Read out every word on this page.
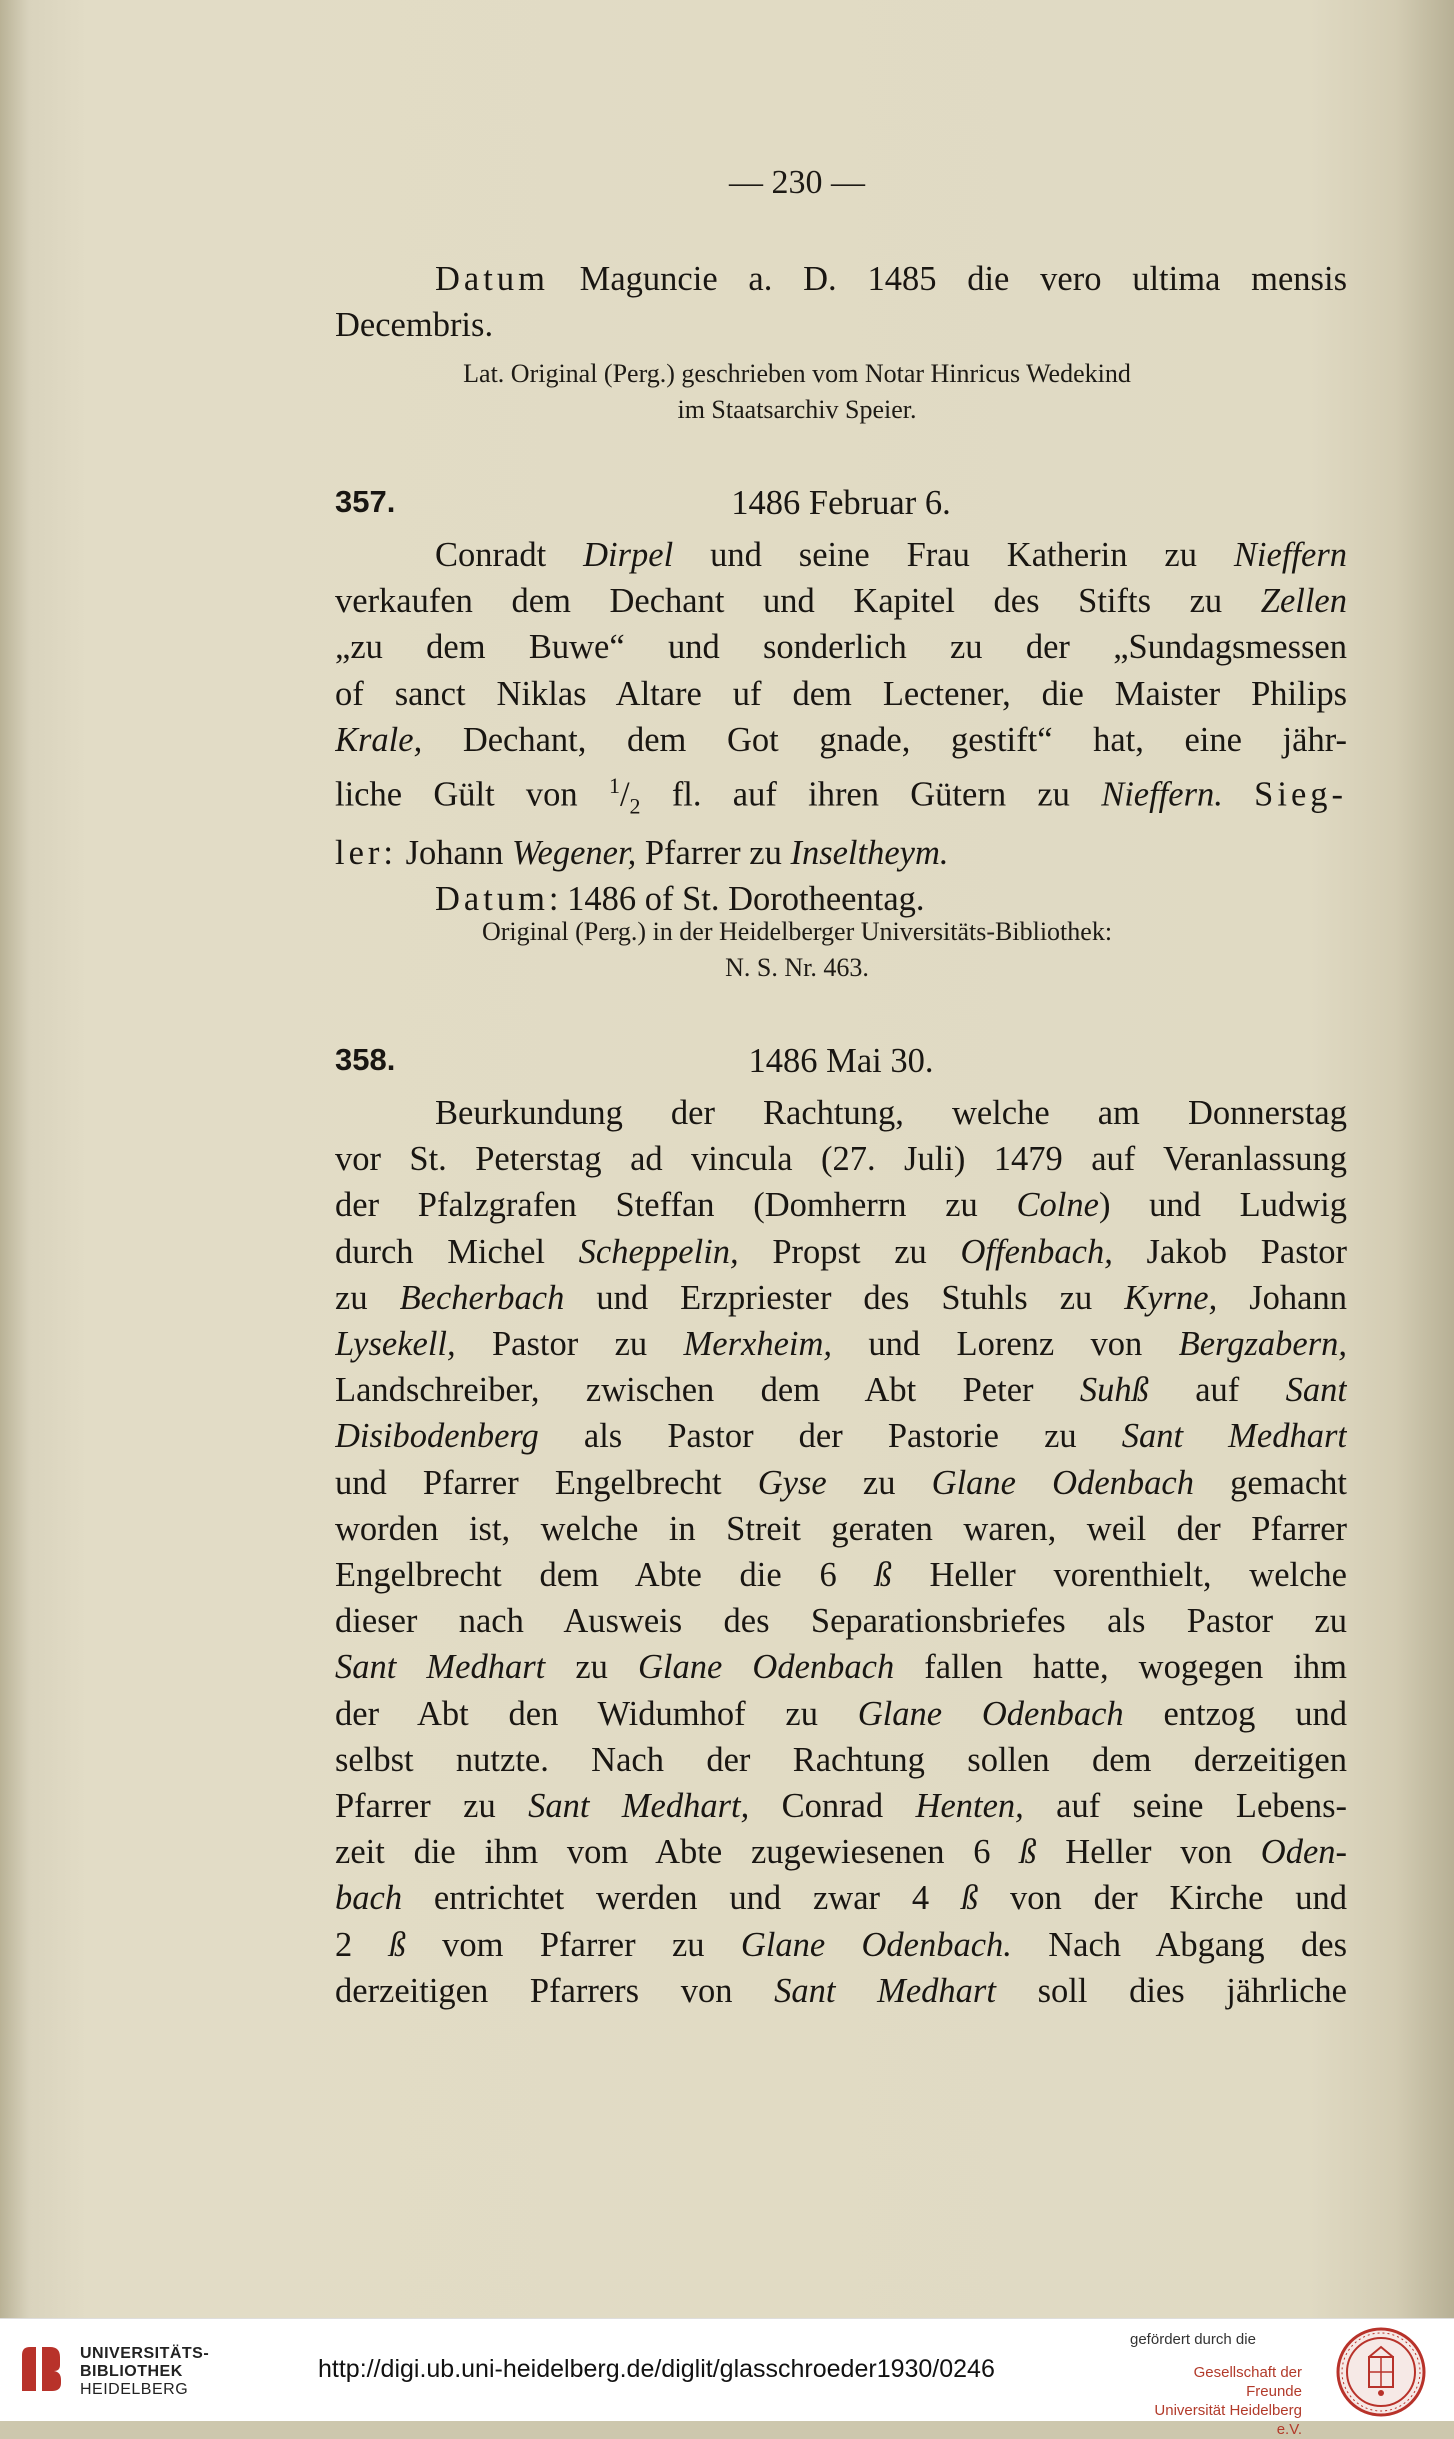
— 230 —
Datum Maguncie a. D. 1485 die vero ultima mensis
Decembris.
Lat. Original (Perg.) geschrieben vom Notar Hinricus Wedekind
im Staatsarchiv Speier.
357.	1486 Februar 6.
Conradt Dirpel und seine Frau Katherin zu Nieffern
verkaufen dem Dechant und Kapitel des Stifts zu Zellen
„zu dem Buwe“ und sonderlich zu der „Sundagsmessen
of sanct Niklas Altare uf dem Lectener, die Maister Philips
Krale, Dechant, dem Got gnade, gestift“ hat, eine jähr-
liche Gült von $^1/_2$ fl. auf ihren Gütern zu Nieffern. Sieg-
ler: Johann Wegener, Pfarrer zu Inseltheym.
Datum: 1486 of St. Dorotheentag.
Original (Perg.) in der Heidelberger Universitäts-Bibliothek:
N. S. Nr. 463.
358.	1486 Mai 30.
Beurkundung der Rachtung, welche am Donnerstag
vor St. Peterstag ad vincula (27. Juli) 1479 auf Veranlassung
der Pfalzgrafen Steffan (Domherrn zu Colne) und Ludwig
durch Michel Scheppelin, Propst zu Offenbach, Jakob Pastor
zu Becherbach und Erzpriester des Stuhls zu Kyrne, Johann
Lysekell, Pastor zu Merxheim, und Lorenz von Bergzabern,
Landschreiber, zwischen dem Abt Peter Suhß auf Sant
Disibodenberg als Pastor der Pastorie zu Sant Medhart
und Pfarrer Engelbrecht Gyse zu Glane Odenbach gemacht
worden ist, welche in Streit geraten waren, weil der Pfarrer
Engelbrecht dem Abte die 6 ß Heller vorenthielt, welche
dieser nach Ausweis des Separationsbriefes als Pastor zu
Sant Medhart zu Glane Odenbach fallen hatte, wogegen ihm
der Abt den Widumhof zu Glane Odenbach entzog und
selbst nutzte. Nach der Rachtung sollen dem derzeitigen
Pfarrer zu Sant Medhart, Conrad Henten, auf seine Lebens-
zeit die ihm vom Abte zugewiesenen 6 ß Heller von Oden-
bach entrichtet werden und zwar 4 ß von der Kirche und
2 ß vom Pfarrer zu Glane Odenbach. Nach Abgang des
derzeitigen Pfarrers von Sant Medhart soll dies jährliche
UNIVERSITÄTS-
BIBLIOTHEK
HEIDELBERG
http://digi.ub.uni-heidelberg.de/diglit/glasschroeder1930/0246
gefördert durch die
Gesellschaft der Freunde
Universität Heidelberg e.V.
